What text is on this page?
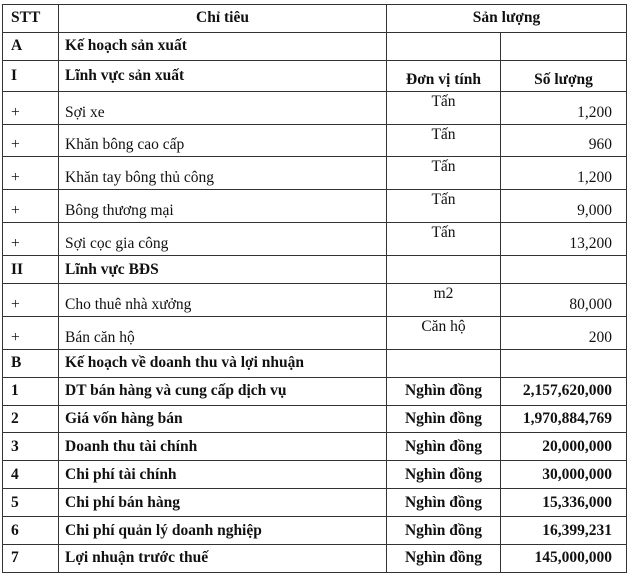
STT	Chỉ tiêu	Sản lượng	
A	Kế hoạch sản xuất		
I	Lĩnh vực sản xuất	Đơn vị tính	Số lượng
+	Sợi xe	Tấn	1,200
+	Khăn bông cao cấp	Tấn	960
+	Khăn tay bông thủ công	Tấn	1,200
+	Bông thương mại	Tấn	9,000
+	Sợi cọc gia công	Tấn	13,200
II	Lĩnh vực BĐS		
+	Cho thuê nhà xưởng	m2	80,000
+	Bán căn hộ	Căn hộ	200
B	Kế hoạch về doanh thu và lợi nhuận		
1	DT bán hàng và cung cấp dịch vụ	Nghìn đồng	2,157,620,000
2	Giá vốn hàng bán	Nghìn đồng	1,970,884,769
3	Doanh thu tài chính	Nghìn đồng	20,000,000
4	Chi phí tài chính	Nghìn đồng	30,000,000
5	Chi phí bán hàng	Nghìn đồng	15,336,000
6	Chi phí quản lý doanh nghiệp	Nghìn đồng	16,399,231
7	Lợi nhuận trước thuế	Nghìn đồng	145,000,000
